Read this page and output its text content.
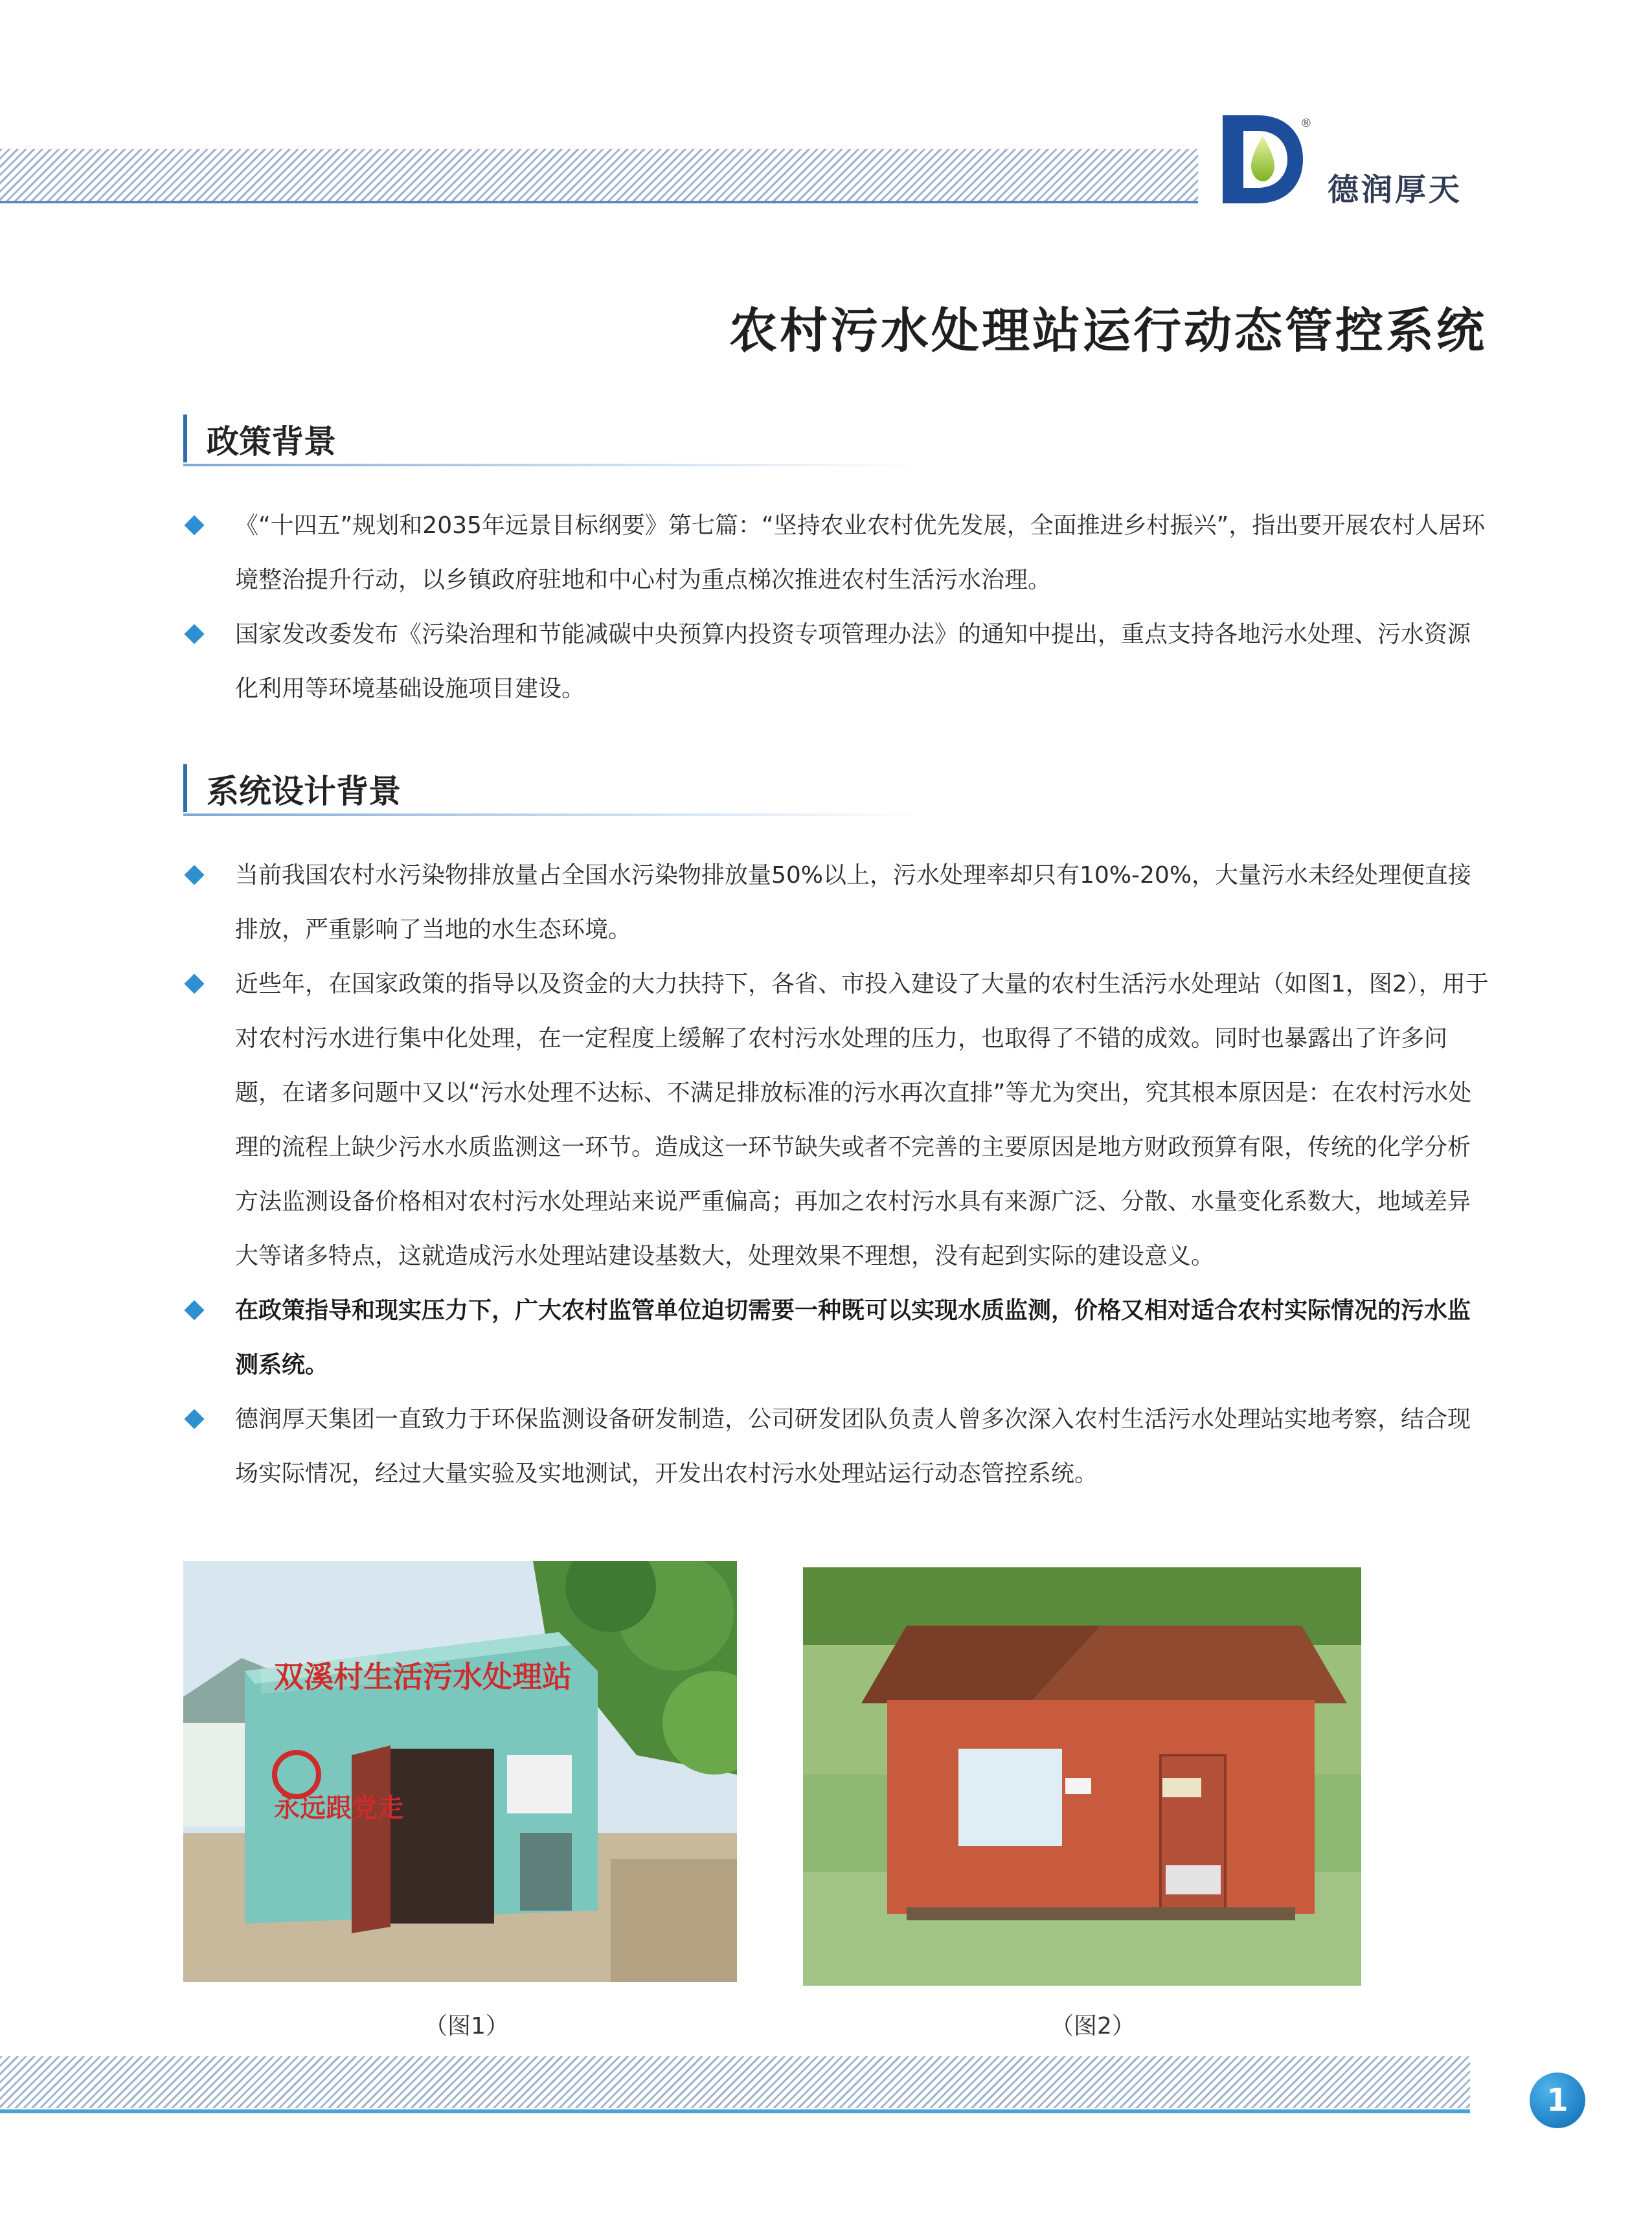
®
德润厚天
农村污水处理站运行动态管控系统
政策背景
《“十四五”规划和2035年远景目标纲要》第七篇：“坚持农业农村优先发展，全面推进乡村振兴”，指出要开展农村人居环境整治提升行动，以乡镇政府驻地和中心村为重点梯次推进农村生活污水治理。
国家发改委发布《污染治理和节能减碳中央预算内投资专项管理办法》的通知中提出，重点支持各地污水处理、污水资源化利用等环境基础设施项目建设。
系统设计背景
当前我国农村水污染物排放量占全国水污染物排放量50%以上，污水处理率却只有10%-20%，大量污水未经处理便直接排放，严重影响了当地的水生态环境。
近些年，在国家政策的指导以及资金的大力扶持下，各省、市投入建设了大量的农村生活污水处理站（如图1，图2），用于对农村污水进行集中化处理，在一定程度上缓解了农村污水处理的压力，也取得了不错的成效。同时也暴露出了许多问题，在诸多问题中又以“污水处理不达标、不满足排放标准的污水再次直排”等尤为突出，究其根本原因是：在农村污水处理的流程上缺少污水水质监测这一环节。造成这一环节缺失或者不完善的主要原因是地方财政预算有限，传统的化学分析方法监测设备价格相对农村污水处理站来说严重偏高；再加之农村污水具有来源广泛、分散、水量变化系数大，地域差异大等诸多特点，这就造成污水处理站建设基数大，处理效果不理想，没有起到实际的建设意义。
在政策指导和现实压力下，广大农村监管单位迫切需要一种既可以实现水质监测，价格又相对适合农村实际情况的污水监测系统。
德润厚天集团一直致力于环保监测设备研发制造，公司研发团队负责人曾多次深入农村生活污水处理站实地考察，结合现场实际情况，经过大量实验及实地测试，开发出农村污水处理站运行动态管控系统。
双溪村生活污水处理站
永远跟党走
（图1）	（图2）
1
